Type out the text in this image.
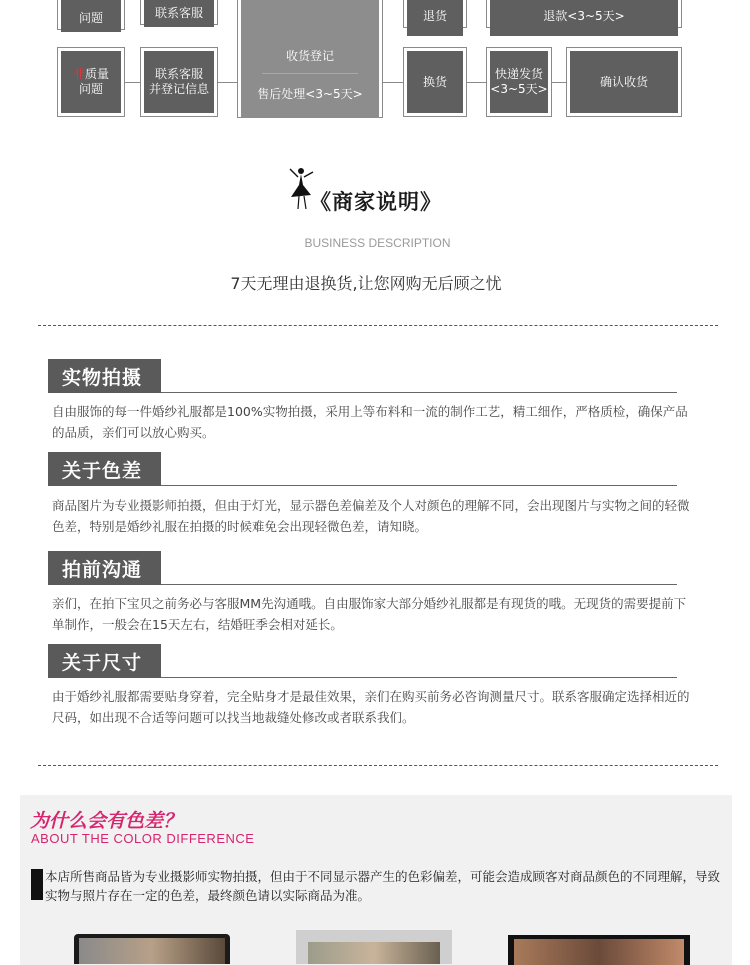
问题	联系客服	退货	退款<3~5天>
非质量
问题
联系客服
并登记信息
收货登记
售后处理<3~5天>
换货
快递发货
<3~5天>
确认收货
《商家说明》
BUSINESS DESCRIPTION
7天无理由退换货,让您网购无后顾之忧
实物拍摄
自由服饰的每一件婚纱礼服都是100%实物拍摄，采用上等布料和一流的制作工艺，精工细作，严格质检，确保产品的品质，亲们可以放心购买。
关于色差
商品图片为专业摄影师拍摄，但由于灯光，显示器色差偏差及个人对颜色的理解不同，会出现图片与实物之间的轻微色差，特别是婚纱礼服在拍摄的时候难免会出现轻微色差，请知晓。
拍前沟通
亲们，在拍下宝贝之前务必与客服MM先沟通哦。自由服饰家大部分婚纱礼服都是有现货的哦。无现货的需要提前下单制作，一般会在15天左右，结婚旺季会相对延长。
关于尺寸
由于婚纱礼服都需要贴身穿着，完全贴身才是最佳效果，亲们在购买前务必咨询测量尺寸。联系客服确定选择相近的尺码，如出现不合适等问题可以找当地裁缝处修改或者联系我们。
为什么会有色差？
ABOUT THE COLOR DIFFERENCE
本店所售商品皆为专业摄影师实物拍摄，但由于不同显示器产生的色彩偏差，可能会造成顾客对商品颜色的不同理解，导致实物与照片存在一定的色差，最终颜色请以实际商品为准。
